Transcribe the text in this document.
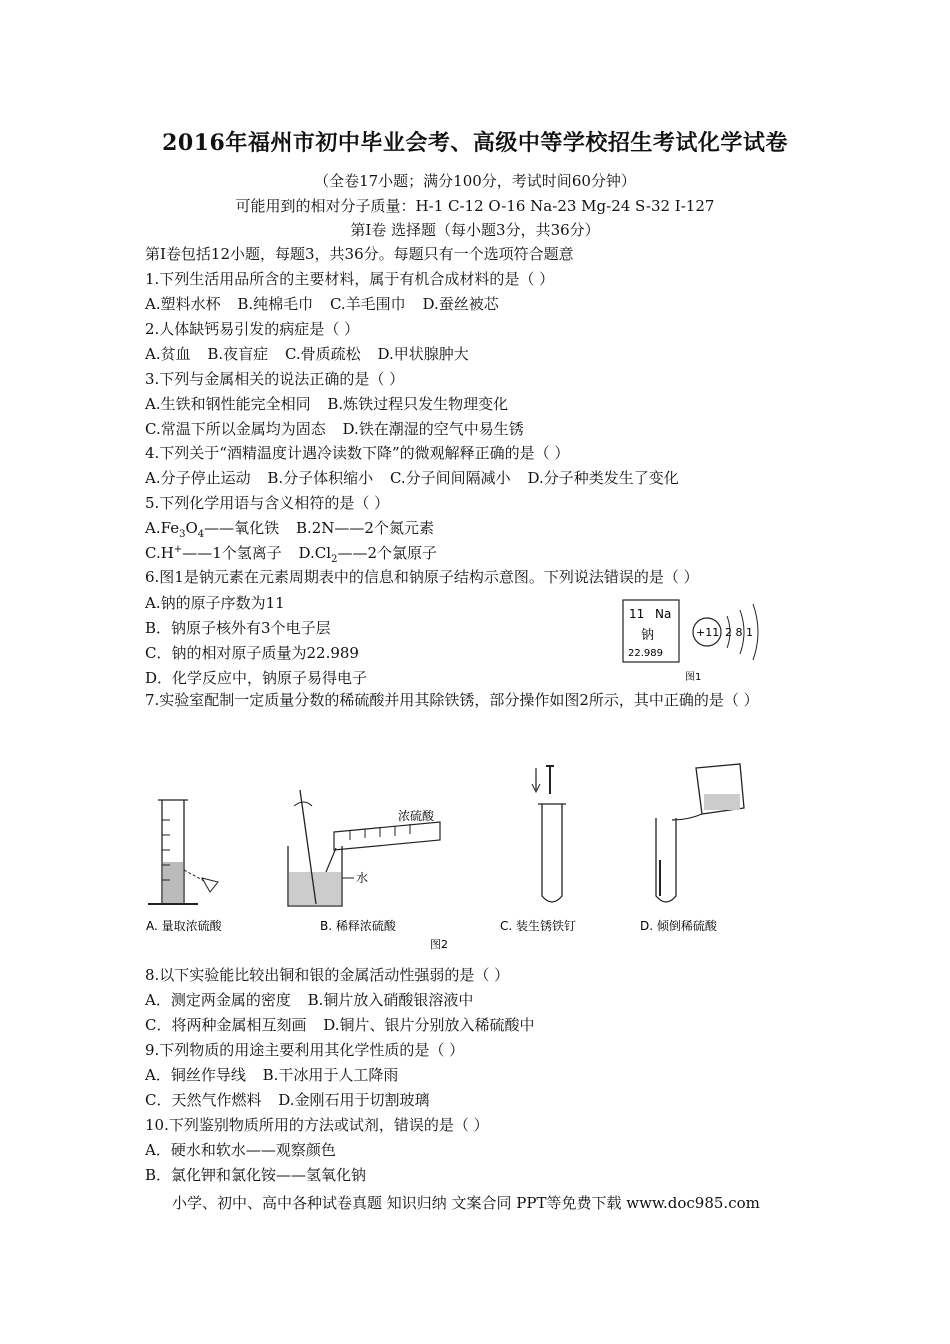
2016年福州市初中毕业会考、高级中等学校招生考试化学试卷
（全卷17小题；满分100分，考试时间60分钟）
可能用到的相对分子质量：H-1 C-12 O-16 Na-23 Mg-24 S-32 I-127
第Ⅰ卷 选择题（每小题3分，共36分）
第Ⅰ卷包括12小题，每题3，共36分。每题只有一个选项符合题意
1.下列生活用品所含的主要材料，属于有机合成材料的是（ ）
A.塑料水杯 B.纯棉毛巾 C.羊毛围巾 D.蚕丝被芯
2.人体缺钙易引发的病症是（ ）
A.贫血 B.夜盲症 C.骨质疏松 D.甲状腺肿大
3.下列与金属相关的说法正确的是（ ）
A.生铁和钢性能完全相同 B.炼铁过程只发生物理变化
C.常温下所以金属均为固态 D.铁在潮湿的空气中易生锈
4.下列关于“酒精温度计遇冷读数下降”的微观解释正确的是（ ）
A.分子停止运动 B.分子体积缩小 C.分子间间隔减小 D.分子种类发生了变化
5.下列化学用语与含义相符的是（ ）
$A.Fe_3O_4——$氧化铁 B.2N——2个氮元素
C.H+——1个氢离子 $D.Cl_2——2$个氯原子
6.图1是钠元素在元素周期表中的信息和钠原子结构示意图。下列说法错误的是（ ）
A.钠的原子序数为11
B．钠原子核外有3个电子层
C．钠的相对原子质量为22.989
D．化学反应中，钠原子易得电子
11 Na
钠
22.989
+11 2 8 1
图1
7.实验室配制一定质量分数的稀硫酸并用其除铁锈，部分操作如图2所示，其中正确的是（ ）
A. 量取浓硫酸
浓硫酸
水
B. 稀释浓硫酸	C. 装生锈铁钉	D. 倾倒稀硫酸
图2
8.以下实验能比较出铜和银的金属活动性强弱的是（ ）
A．测定两金属的密度 B.铜片放入硝酸银溶液中
C．将两种金属相互刻画 D.铜片、银片分别放入稀硫酸中
9.下列物质的用途主要利用其化学性质的是（ ）
A．铜丝作导线 B.干冰用于人工降雨
C．天然气作燃料 D.金刚石用于切割玻璃
10.下列鉴别物质所用的方法或试剂，错误的是（ ）
A．硬水和软水——观察颜色
B．氯化钾和氯化铵——氢氧化钠
小学、初中、高中各种试卷真题 知识归纳 文案合同 PPT等免费下载 www.doc985.com
